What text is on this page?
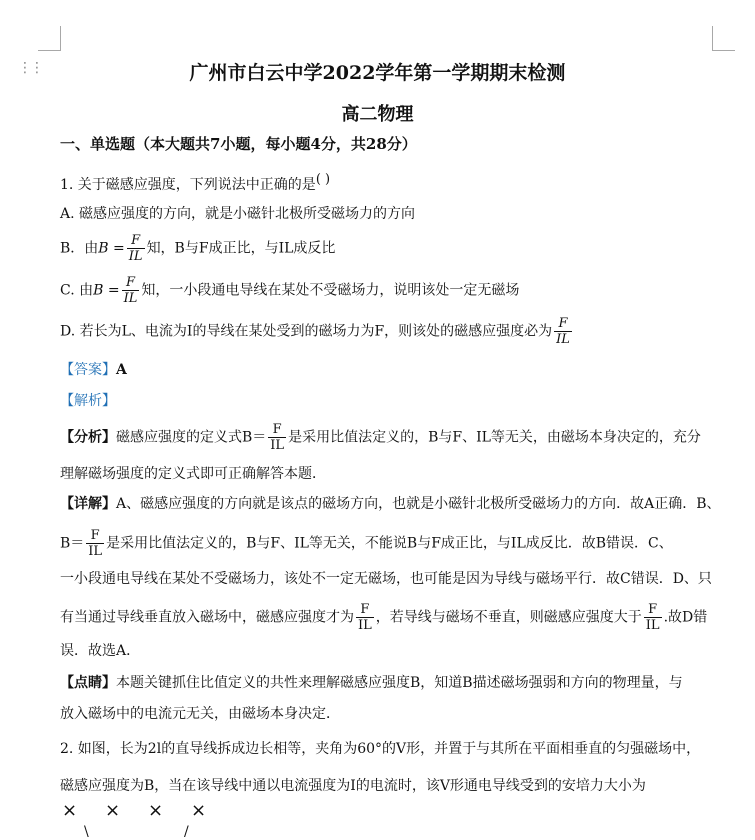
⋮⋮	广州市白云中学2022学年第一学期期末检测
高二物理
一、单选题（本大题共7小题，每小题4分，共28分）
1. 关于磁感应强度，下列说法中正确的是( )
A. 磁感应强度的方向，就是小磁针北极所受磁场力的方向
B．由$B = \frac{F}{IL}$ 知，B与F成正比，与IL成反比
C. 由$B = \frac{F}{IL}$ 知，一小段通电导线在某处不受磁场力，说明该处一定无磁场
D. 若长为L、电流为I的导线在某处受到的磁场力为F，则该处的磁感应强度必为 $\frac{F}{IL}$
【答案】A
【解析】
【分析】磁感应强度的定义式$B= \frac{F}{IL}$ 是采用比值法定义的，B与F、IL等无关，由磁场本身决定的，充分
理解磁场强度的定义式即可正确解答本题．
【详解】A、磁感应强度的方向就是该点的磁场方向，也就是小磁针北极所受磁场力的方向．故A正确．B、
$B= \frac{F}{IL}$ 是采用比值法定义的，B与F、IL等无关，不能说B与F成正比，与IL成反比．故B错误．C、
一小段通电导线在某处不受磁场力，该处不一定无磁场，也可能是因为导线与磁场平行．故C错误．D、只
有当通过导线垂直放入磁场中，磁感应强度才为 $\frac{F}{IL}$ ，若导线与磁场不垂直，则磁感应强度大于 $\frac{F}{IL}$ .故D错
误．故选A．
【点睛】本题关键抓住比值定义的共性来理解磁感应强度B，知道B描述磁场强弱和方向的物理量，与
放入磁场中的电流元无关，由磁场本身决定．
2. 如图，长为2l的直导线拆成边长相等，夹角为60°的V形，并置于与其所在平面相垂直的匀强磁场中，
磁感应强度为B，当在该导线中通以电流强度为I的电流时，该V形通电导线受到的安培力大小为
× × × ×
\	/
